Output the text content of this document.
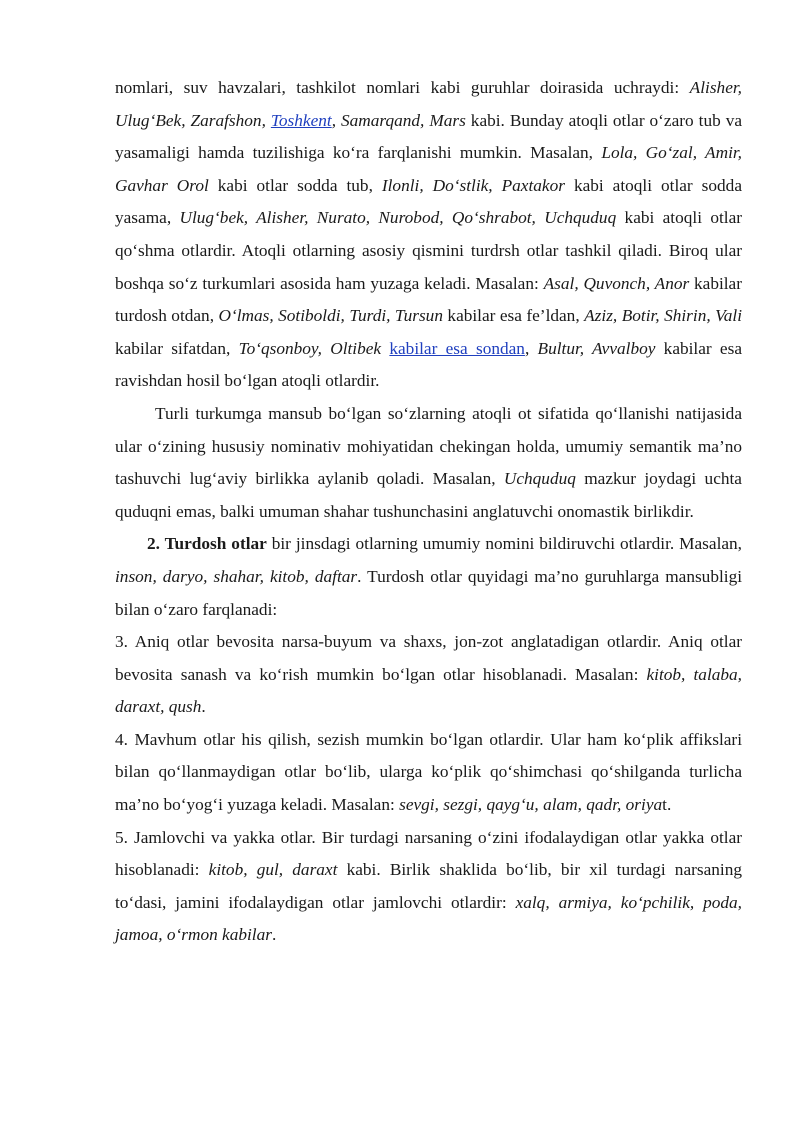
nomlari, suv havzalari, tashkilot nomlari kabi guruhlar doirasida uchraydi: Alisher, Ulug‘Bek, Zarafshon, Toshkent, Samarqand, Mars kabi. Bunday atoqli otlar o‘zaro tub va yasamaligi hamda tuzilishiga ko‘ra farqlanishi mumkin. Masalan, Lola, Go‘zal, Amir, Gavhar Orol kabi otlar sodda tub, Ilonli, Do‘stlik, Paxtakor kabi atoqli otlar sodda yasama, Ulug‘bek, Alisher, Nurato, Nurobod, Qo‘shrabot, Uchquduq kabi atoqli otlar qo‘shma otlardir. Atoqli otlarning asosiy qismini turdrsh otlar tashkil qiladi. Biroq ular boshqa so‘z turkumlari asosida ham yuzaga keladi. Masalan: Asal, Quvonch, Anor kabilar turdosh otdan, O‘lmas, Sotiboldi, Turdi, Tursun kabilar esa fe’ldan, Aziz, Botir, Shirin, Vali kabilar sifatdan, To‘qsonboy, Oltibek kabilar esa sondan, Bultur, Avvalboy kabilar esa ravishdan hosil bo‘lgan atoqli otlardir.

Turli turkumga mansub bo‘lgan so‘zlarning atoqli ot sifatida qo‘llanishi natijasida ular o‘zining hususiy nominativ mohiyatidan chekingan holda, umumiy semantik ma’no tashuvchi lug‘aviy birlikka aylanib qoladi. Masalan, Uchquduq mazkur joydagi uchta quduqni emas, balki umuman shahar tushunchasini anglatuvchi onomastik birlikdir.

2. Turdosh otlar bir jinsdagi otlarning umumiy nomini bildiruvchi otlardir. Masalan, inson, daryo, shahar, kitob, daftar. Turdosh otlar quyidagi ma’no guruhlarga mansubligi bilan o‘zaro farqlanadi:

3. Aniq otlar bevosita narsa-buyum va shaxs, jon-zot anglatadigan otlardir. Aniq otlar bevosita sanash va ko‘rish mumkin bo‘lgan otlar hisoblanadi. Masalan: kitob, talaba, daraxt, qush.

4. Mavhum otlar his qilish, sezish mumkin bo‘lgan otlardir. Ular ham ko‘plik affikslari bilan qo‘llanmaydigan otlar bo‘lib, ularga ko‘plik qo‘shimchasi qo‘shilganda turlicha ma’no bo‘yog‘i yuzaga keladi. Masalan: sevgi, sezgi, qayg‘u, alam, qadr, oriyat.

5. Jamlovchi va yakka otlar. Bir turdagi narsaning o‘zini ifodalaydigan otlar yakka otlar hisoblanadi: kitob, gul, daraxt kabi. Birlik shaklida bo‘lib, bir xil turdagi narsaning to‘dasi, jamini ifodalaydigan otlar jamlovchi otlardir: xalq, armiya, ko‘pchilik, poda, jamoa, o‘rmon kabilar.
